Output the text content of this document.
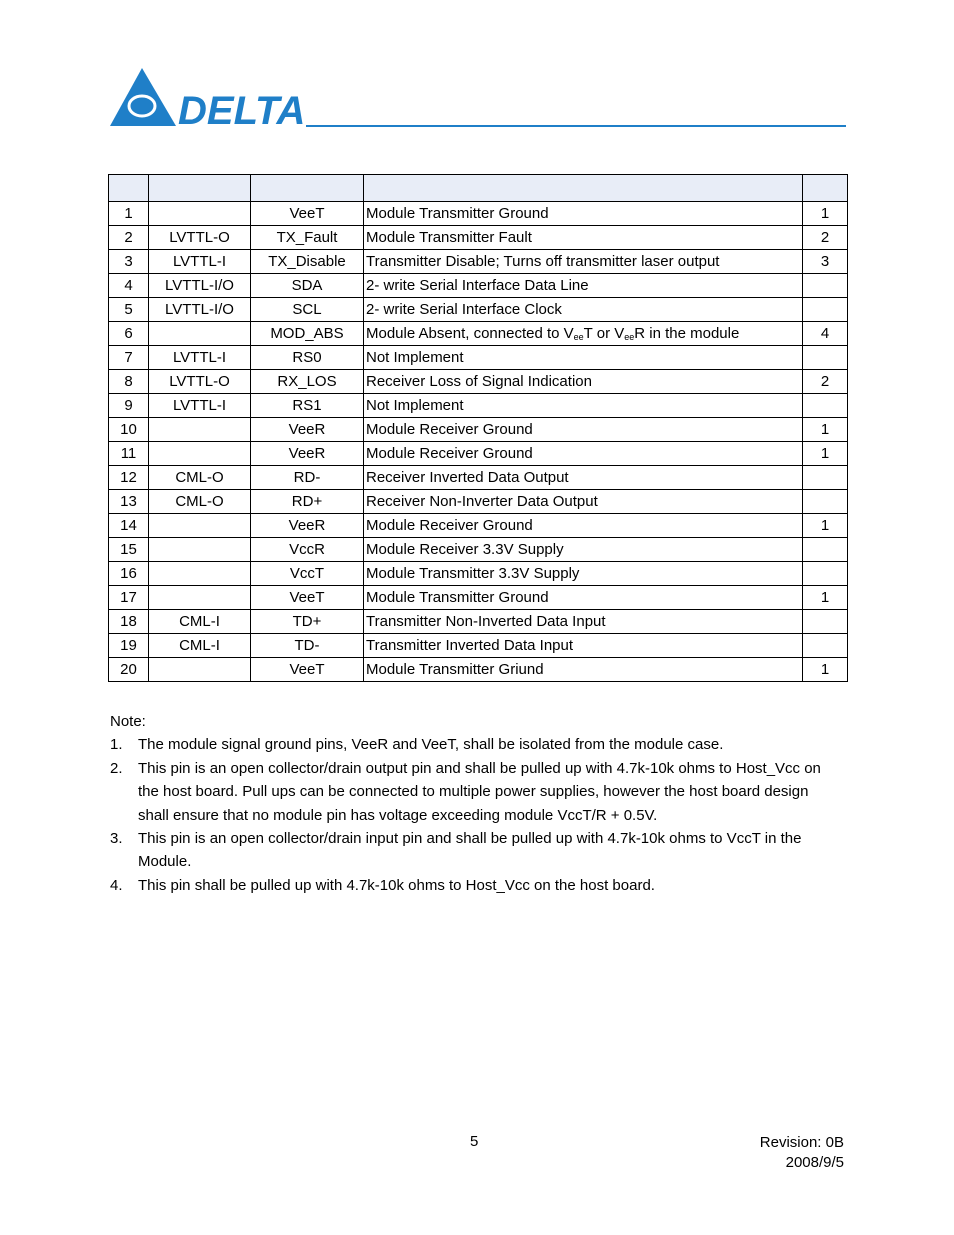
DELTA

1		VeeT	Module Transmitter Ground	1
2	LVTTL-O	TX_Fault	Module Transmitter Fault	2
3	LVTTL-I	TX_Disable	Transmitter Disable; Turns off transmitter laser output	3
4	LVTTL-I/O	SDA	2- write Serial Interface Data Line	
5	LVTTL-I/O	SCL	2- write Serial Interface Clock	
6		MOD_ABS	Module Absent, connected to $V_{ee}T$ or $V_{ee}R$ in the module	4
7	LVTTL-I	RS0	Not Implement	
8	LVTTL-O	RX_LOS	Receiver Loss of Signal Indication	2
9	LVTTL-I	RS1	Not Implement	
10		VeeR	Module Receiver Ground	1
11		VeeR	Module Receiver Ground	1
12	CML-O	RD-	Receiver Inverted Data Output	
13	CML-O	RD+	Receiver Non-Inverter Data Output	
14		VeeR	Module Receiver Ground	1
15		VccR	Module Receiver 3.3V Supply	
16		VccT	Module Transmitter 3.3V Supply	
17		VeeT	Module Transmitter Ground	1
18	CML-I	TD+	Transmitter Non-Inverted Data Input	
19	CML-I	TD-	Transmitter Inverted Data Input	
20		VeeT	Module Transmitter Griund	1

Note:

1.	The module signal ground pins, VeeR and VeeT, shall be isolated from the module case.
2.	This pin is an open collector/drain output pin and shall be pulled up with 4.7k-10k ohms to Host_Vcc on the host board. Pull ups can be connected to multiple power supplies, however the host board design shall ensure that no module pin has voltage exceeding module VccT/R + 0.5V.
3.	This pin is an open collector/drain input pin and shall be pulled up with 4.7k-10k ohms to VccT in the Module.
4.	This pin shall be pulled up with 4.7k-10k ohms to Host_Vcc on the host board.
5	Revision: 0B
2008/9/5
